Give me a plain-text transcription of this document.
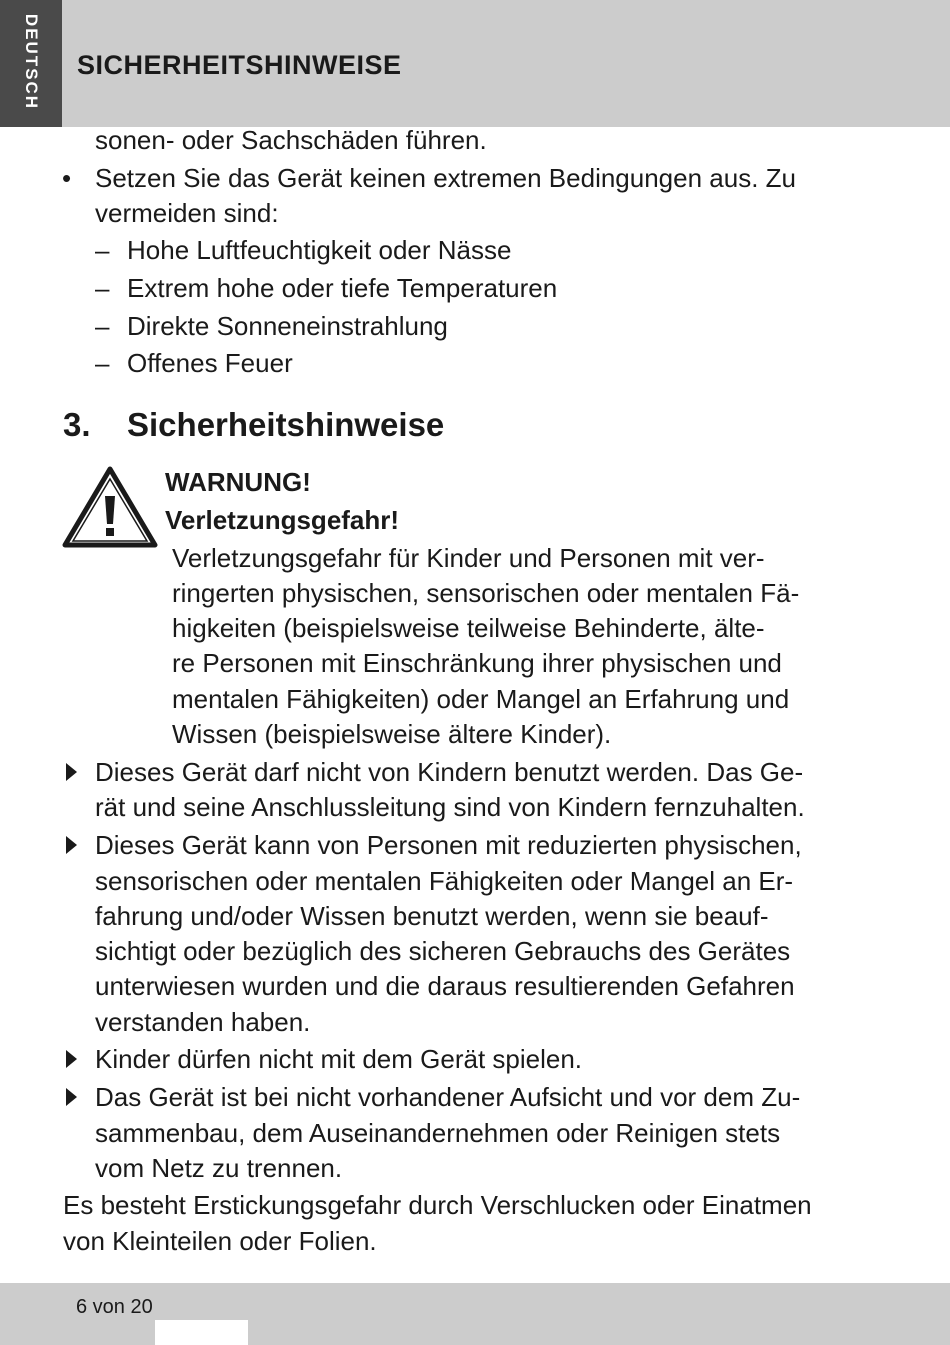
DEUTSCH SICHERHEITSHINWEISE
sonen- oder Sachschäden führen.
• Setzen Sie das Gerät keinen extremen Bedingungen aus. Zu
vermeiden sind:
– Hohe Luftfeuchtigkeit oder Nässe
– Extrem hohe oder tiefe Temperaturen
– Direkte Sonneneinstrahlung
– Offenes Feuer
3. Sicherheitshinweise
WARNUNG!
Verletzungsgefahr!
Verletzungsgefahr für Kinder und Personen mit ver-
ringerten physischen, sensorischen oder mentalen Fä-
higkeiten (beispielsweise teilweise Behinderte, älte-
re Personen mit Einschränkung ihrer physischen und
mentalen Fähigkeiten) oder Mangel an Erfahrung und
Wissen (beispielsweise ältere Kinder).
Dieses Gerät darf nicht von Kindern benutzt werden. Das Ge-
rät und seine Anschlussleitung sind von Kindern fernzuhalten.
Dieses Gerät kann von Personen mit reduzierten physischen,
sensorischen oder mentalen Fähigkeiten oder Mangel an Er-
fahrung und/oder Wissen benutzt werden, wenn sie beauf-
sichtigt oder bezüglich des sicheren Gebrauchs des Gerätes
unterwiesen wurden und die daraus resultierenden Gefahren
verstanden haben.
Kinder dürfen nicht mit dem Gerät spielen.
Das Gerät ist bei nicht vorhandener Aufsicht und vor dem Zu-
sammenbau, dem Auseinandernehmen oder Reinigen stets
vom Netz zu trennen.
Es besteht Erstickungsgefahr durch Verschlucken oder Einatmen
von Kleinteilen oder Folien.
6 von 20
